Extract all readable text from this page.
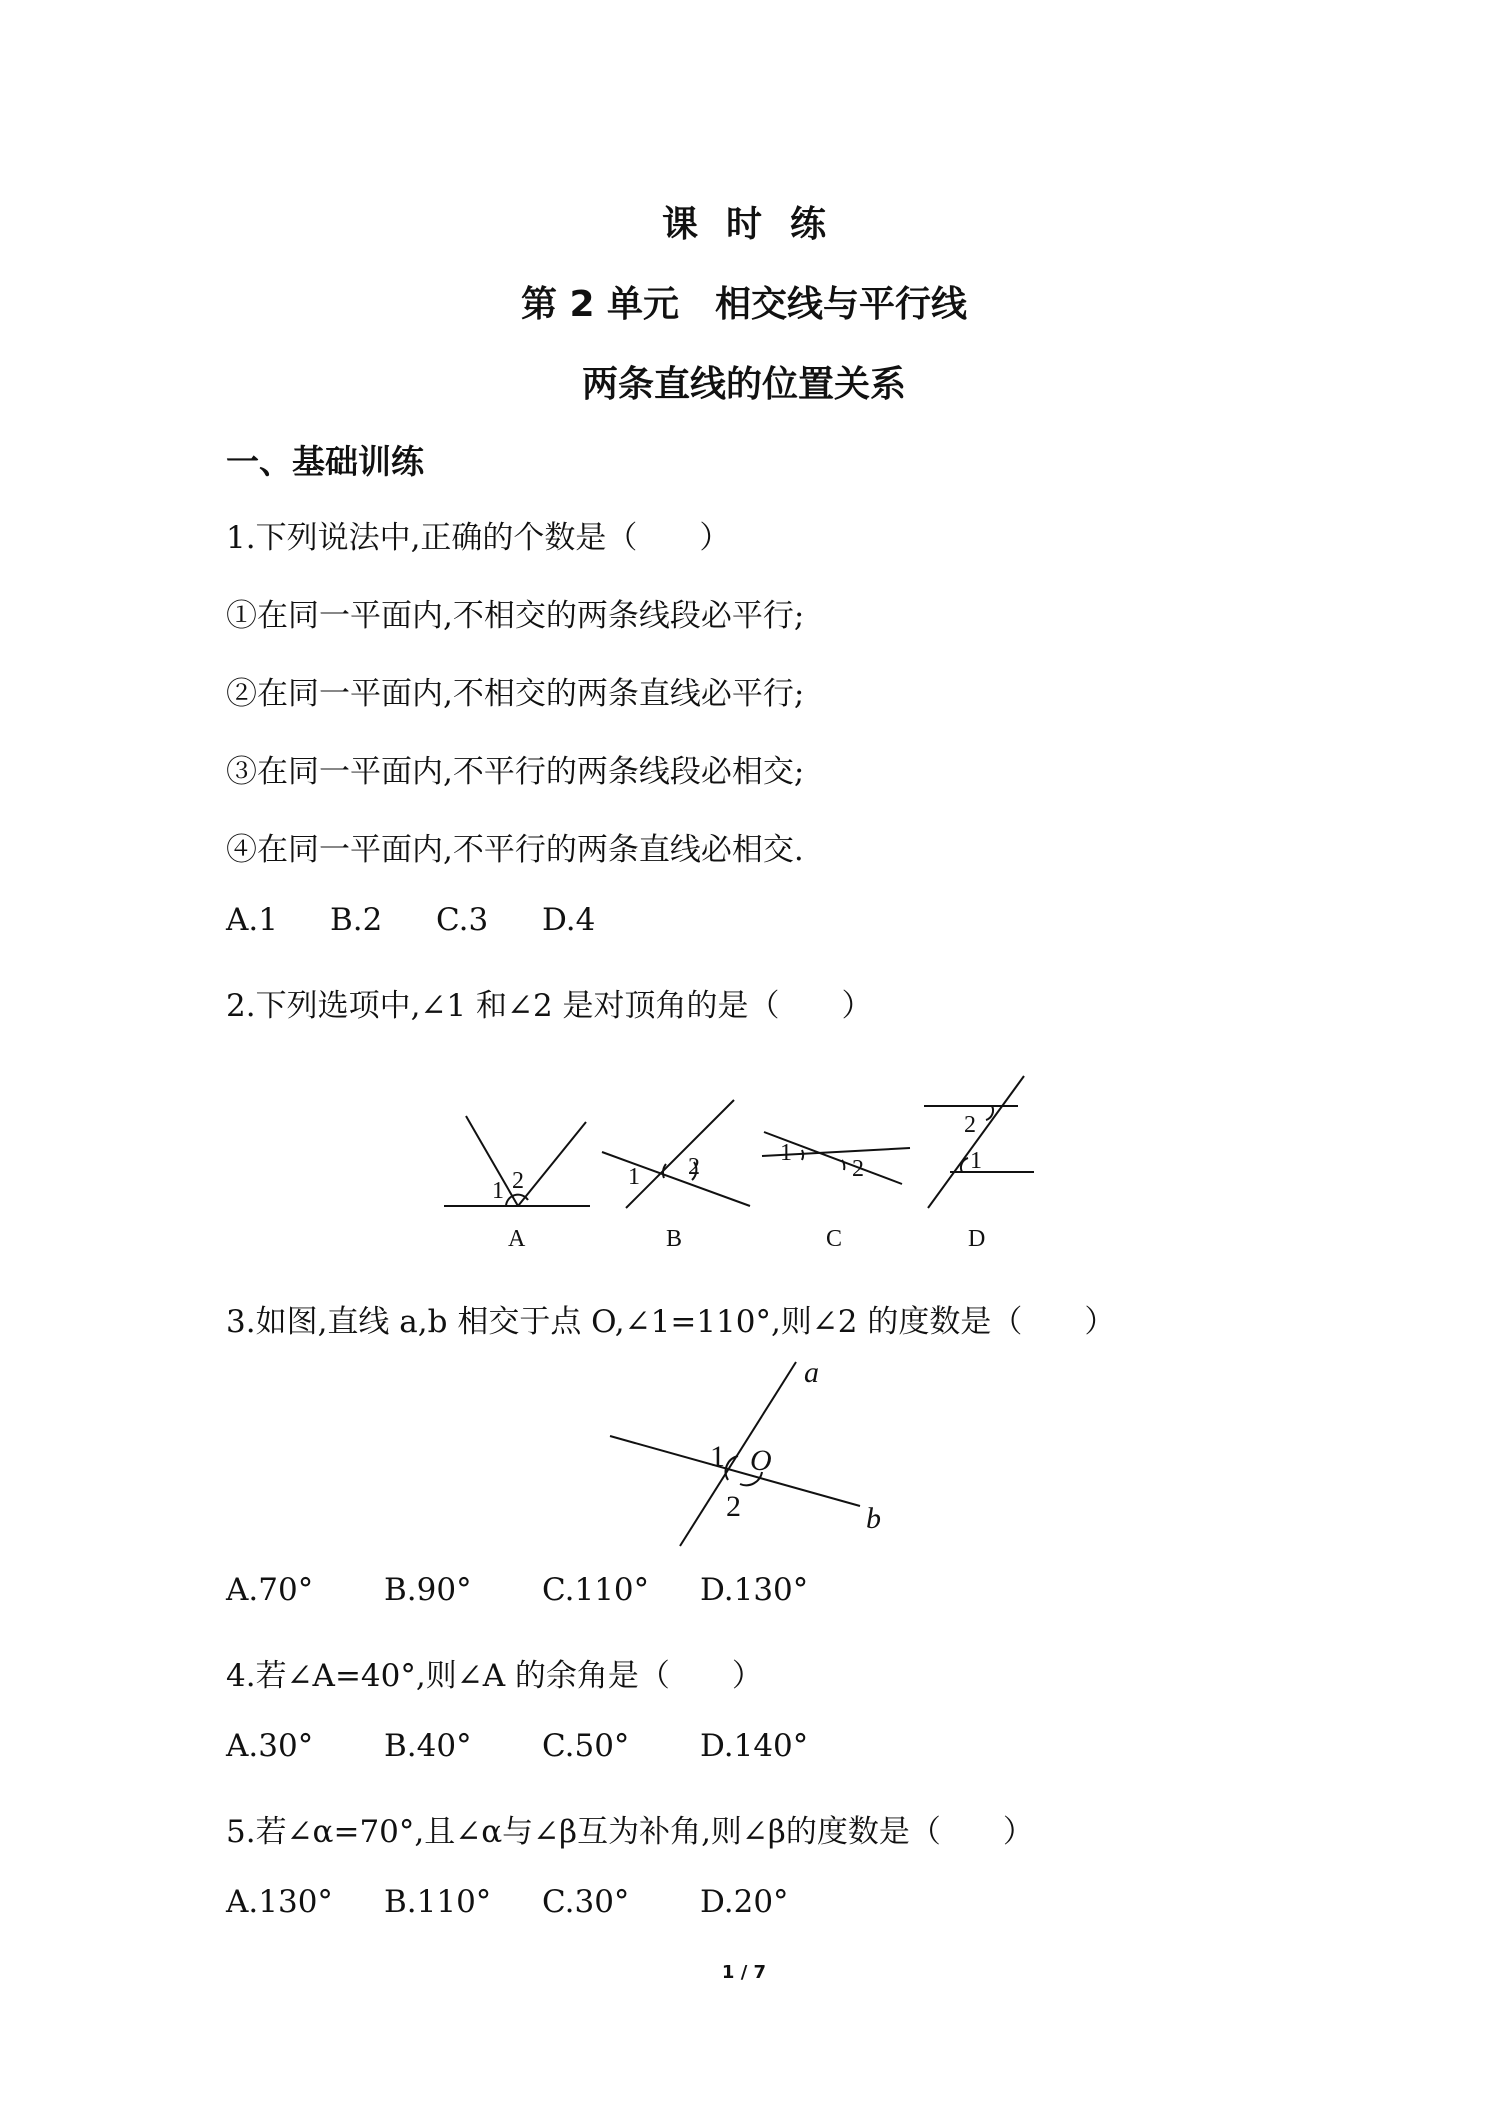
课时练
第 2 单元　相交线与平行线
两条直线的位置关系
一、基础训练
1.下列说法中,正确的个数是（　　）
①在同一平面内,不相交的两条线段必平行;
②在同一平面内,不相交的两条直线必平行;
③在同一平面内,不平行的两条线段必相交;
④在同一平面内,不平行的两条直线必相交.
A.1 B.2 C.3 D.4
2.下列选项中,∠1 和∠2 是对顶角的是（　　）
1 2	1 2
1
2
2
1
A	B	C	D
3.如图,直线 a,b 相交于点 O,∠1=110°,则∠2 的度数是（　　）
1
2
O
a
b
A.70° B.90° C.110° D.130°
4.若∠A=40°,则∠A 的余角是（　　）
A.30° B.40° C.50° D.140°
5.若∠α=70°,且∠α与∠β互为补角,则∠β的度数是（　　）
A.130° B.110° C.30° D.20°
1 / 7
